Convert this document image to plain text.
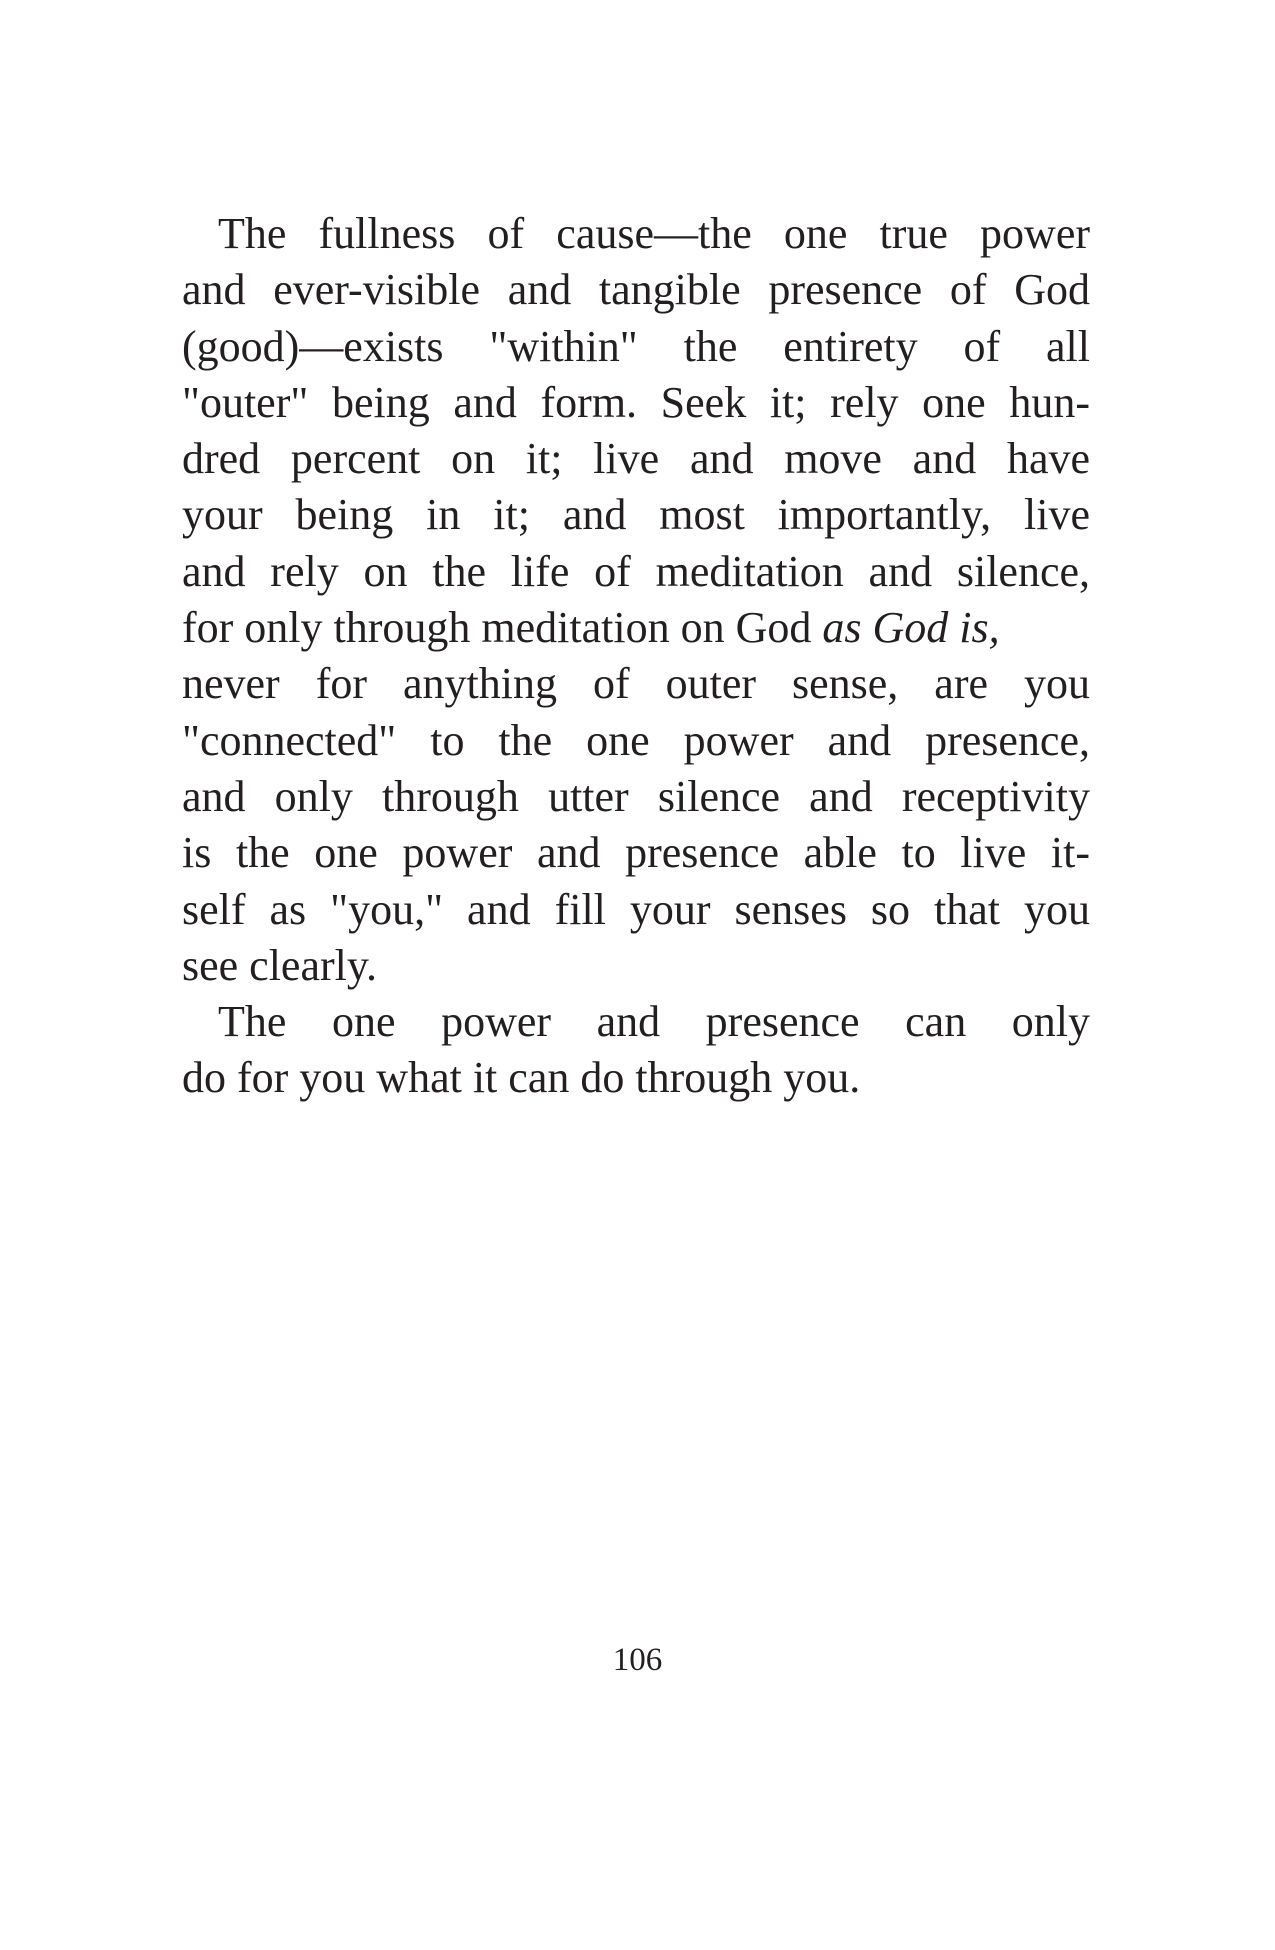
The fullness of cause—the one true power
and ever-visible and tangible presence of God
(good)—exists "within" the entirety of all
"outer" being and form. Seek it; rely one hun-
dred percent on it; live and move and have
your being in it; and most importantly, live
and rely on the life of meditation and silence,
for only through meditation on God as God is,
never for anything of outer sense, are you
"connected" to the one power and presence,
and only through utter silence and receptivity
is the one power and presence able to live it-
self as "you," and fill your senses so that you
see clearly.
The one power and presence can only
do for you what it can do through you.
106
